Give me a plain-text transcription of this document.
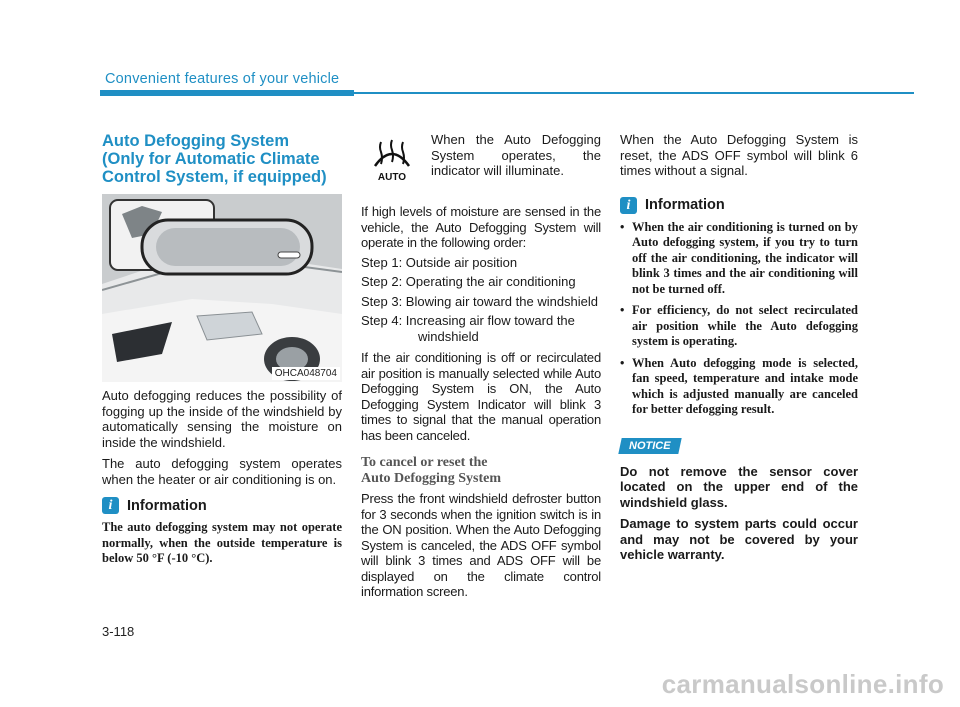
Convenient features of your vehicle
Auto Defogging System
(Only for Automatic Climate
Control System, if equipped)
OHCA048704

Auto defogging reduces the possibility of fogging up the inside of the windshield by automatically sensing the moisture on inside the windshield.

The auto defogging system operates when the heater or air conditioning is on.

i	Information

The auto defogging system may not operate normally, when the outside temperature is below 50 °F (-10 °C).

AUTO

When the Auto Defogging System operates, the indicator will illuminate.

If high levels of moisture are sensed in the vehicle, the Auto Defogging System will operate in the following order:

Step 1: Outside air position
Step 2: Operating the air conditioning
Step 3: Blowing air toward the windshield
Step 4: Increasing air flow toward the windshield

If the air conditioning is off or recirculated air position is manually selected while Auto Defogging System is ON, the Auto Defogging System Indicator will blink 3 times to signal that the manual operation has been canceled.

To cancel or reset the
Auto Defogging System

Press the front windshield defroster button for 3 seconds when the ignition switch is in the ON position. When the Auto Defogging System is canceled, the ADS OFF symbol will blink 3 times and ADS OFF will be displayed on the climate control information screen.

When the Auto Defogging System is reset, the ADS OFF symbol will blink 6 times without a signal.

i	Information
• When the air conditioning is turned on by Auto defogging system, if you try to turn off the air conditioning, the indicator will blink 3 times and the air conditioning will not be turned off.
• For efficiency, do not select recirculated air position while the Auto defogging system is operating.
• When Auto defogging mode is selected, fan speed, temperature and intake mode which is adjusted manually are canceled for better defogging result.
NOTICE

Do not remove the sensor cover located on the upper end of the windshield glass.

Damage to system parts could occur and may not be covered by your vehicle warranty.

3-118
carmanualsonline.info
